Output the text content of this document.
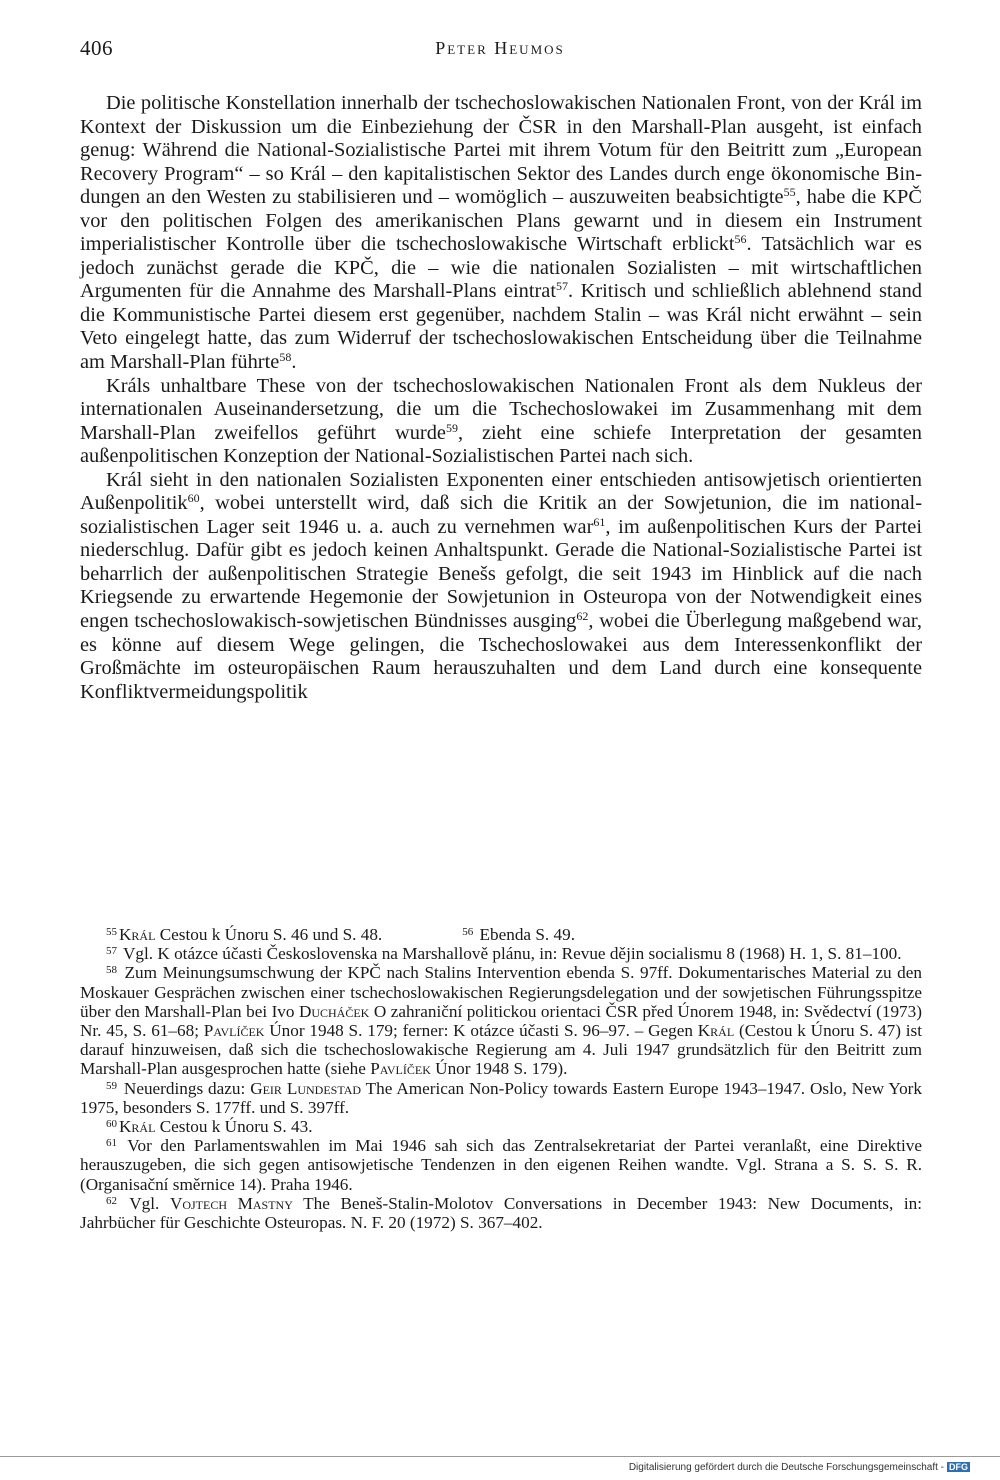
406	Peter Heumos

Die politische Konstellation innerhalb der tschechoslowakischen Nationalen Front, von der Král im Kontext der Diskussion um die Einbeziehung der ČSR in den Marshall-Plan ausgeht, ist einfach genug: Während die National-Sozialistische Partei mit ihrem Votum für den Beitritt zum „European Recovery Program“ – so Král – den kapitalistischen Sektor des Landes durch enge ökonomische Bindungen an den Westen zu stabilisieren und – womöglich – auszuweiten beabsichtigte$^{55}$, habe die KPČ vor den politischen Folgen des amerikanischen Plans gewarnt und in diesem ein Instrument imperialistischer Kontrolle über die tschechoslowakische Wirtschaft erblickt$^{56}$. Tatsächlich war es jedoch zunächst gerade die KPČ, die – wie die nationalen Sozialisten – mit wirtschaftlichen Argumenten für die Annahme des Marshall-Plans eintrat$^{57}$. Kritisch und schließlich ablehnend stand die Kommunistische Partei diesem erst gegenüber, nachdem Stalin – was Král nicht erwähnt – sein Veto eingelegt hatte, das zum Widerruf der tschechoslowakischen Entscheidung über die Teilnahme am Marshall-Plan führte$^{58}$.

Králs unhaltbare These von der tschechoslowakischen Nationalen Front als dem Nukleus der internationalen Auseinandersetzung, die um die Tschechoslowakei im Zusammenhang mit dem Marshall-Plan zweifellos geführt wurde$^{59}$, zieht eine schiefe Interpretation der gesamten außenpolitischen Konzeption der National-Sozialistischen Partei nach sich.

Král sieht in den nationalen Sozialisten Exponenten einer entschieden antisowjetisch orientierten Außenpolitik$^{60}$, wobei unterstellt wird, daß sich die Kritik an der Sowjetunion, die im national-sozialistischen Lager seit 1946 u. a. auch zu vernehmen war$^{61}$, im außenpolitischen Kurs der Partei niederschlug. Dafür gibt es jedoch keinen Anhaltspunkt. Gerade die National-Sozialistische Partei ist beharrlich der außenpolitischen Strategie Benešs gefolgt, die seit 1943 im Hinblick auf die nach Kriegsende zu erwartende Hegemonie der Sowjetunion in Osteuropa von der Notwendigkeit eines engen tschechoslowakisch-sowjetischen Bündnisses ausging$^{62}$, wobei die Überlegung maßgebend war, es könne auf diesem Wege gelingen, die Tschechoslowakei aus dem Interessenkonflikt der Großmächte im osteuropäischen Raum herauszuhalten und dem Land durch eine konsequente Konfliktvermeidungspolitik

$^{55}$ Král Cestou k Únoru S. 46 und S. 48.	$^{56}$ Ebenda S. 49.

$^{57}$ Vgl. K otázce účasti Československa na Marshallově plánu, in: Revue dějin socialismu 8 (1968) H. 1, S. 81–100.

$^{58}$ Zum Meinungsumschwung der KPČ nach Stalins Intervention ebenda S. 97ff. Dokumentarisches Material zu den Moskauer Gesprächen zwischen einer tschechoslowakischen Regierungsdelegation und der sowjetischen Führungsspitze über den Marshall-Plan bei Ivo Ducháček O zahraniční politickou orientaci ČSR před Únorem 1948, in: Svědectví (1973) Nr. 45, S. 61–68; Pavlíček Únor 1948 S. 179; ferner: K otázce účasti S. 96–97. – Gegen Král (Cestou k Únoru S. 47) ist darauf hinzuweisen, daß sich die tschechoslowakische Regierung am 4. Juli 1947 grundsätzlich für den Beitritt zum Marshall-Plan ausgesprochen hatte (siehe Pavlíček Únor 1948 S. 179).

$^{59}$ Neuerdings dazu: Geir Lundestad The American Non-Policy towards Eastern Europe 1943–1947. Oslo, New York 1975, besonders S. 177ff. und S. 397ff.

$^{60}$ Král Cestou k Únoru S. 43.

$^{61}$ Vor den Parlamentswahlen im Mai 1946 sah sich das Zentralsekretariat der Partei veranlaßt, eine Direktive herauszugeben, die sich gegen antisowjetische Tendenzen in den eigenen Reihen wandte. Vgl. Strana a S. S. S. R. (Organisační směrnice 14). Praha 1946.

$^{62}$ Vgl. Vojtech Mastny The Beneš-Stalin-Molotov Conversations in December 1943: New Documents, in: Jahrbücher für Geschichte Osteuropas. N. F. 20 (1972) S. 367–402.

Digitalisierung gefördert durch die Deutsche Forschungsgemeinschaft - DFG
